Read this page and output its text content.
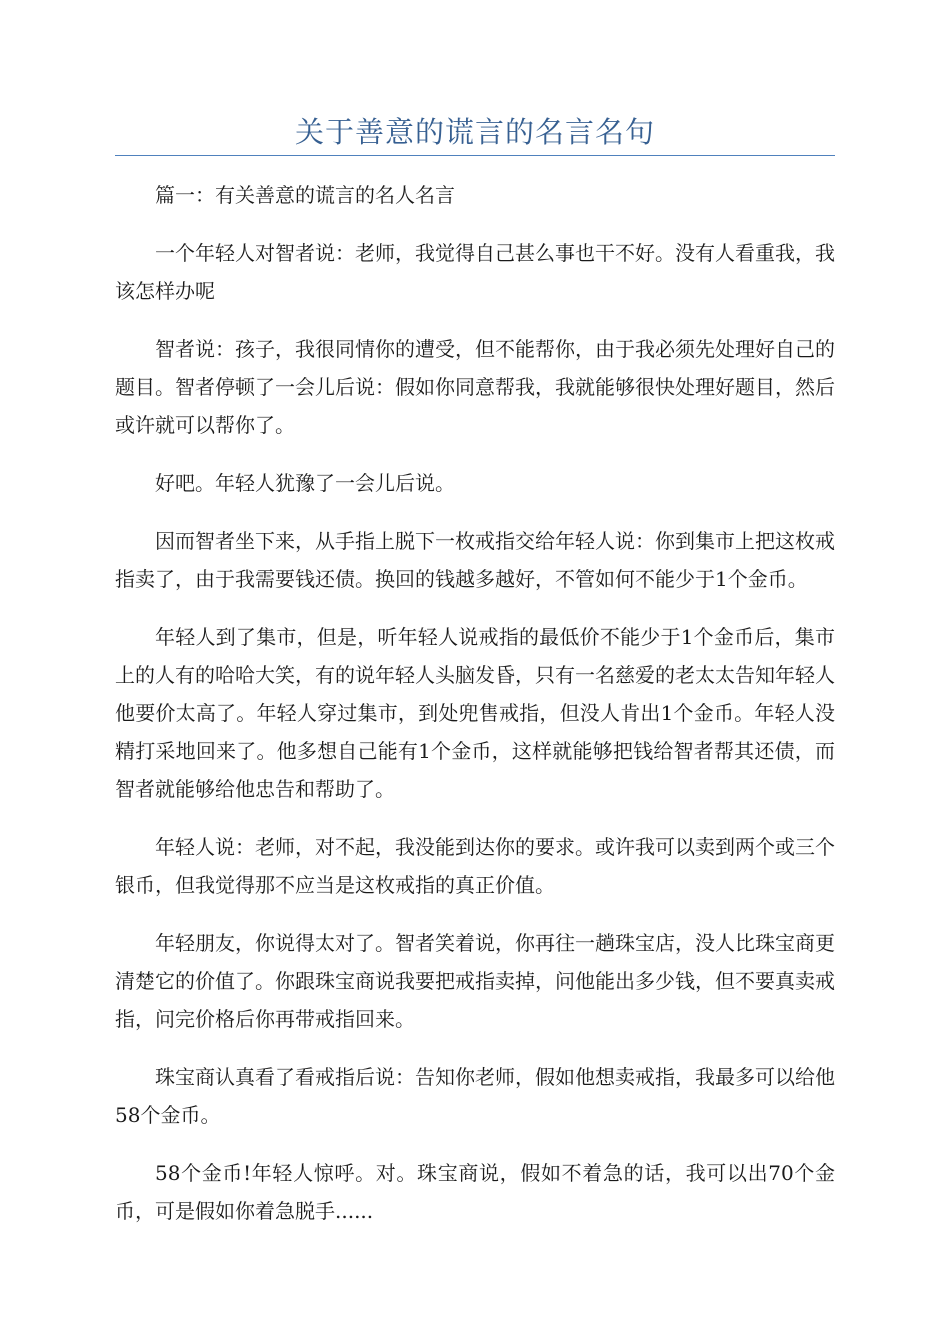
关于善意的谎言的名言名句

篇一：有关善意的谎言的名人名言

一个年轻人对智者说：老师，我觉得自己甚么事也干不好。没有人看重我，我该怎样办呢

智者说：孩子，我很同情你的遭受，但不能帮你，由于我必须先处理好自己的题目。智者停顿了一会儿后说：假如你同意帮我，我就能够很快处理好题目，然后或许就可以帮你了。

好吧。年轻人犹豫了一会儿后说。

因而智者坐下来，从手指上脱下一枚戒指交给年轻人说：你到集市上把这枚戒指卖了，由于我需要钱还债。换回的钱越多越好，不管如何不能少于1个金币。

年轻人到了集市，但是，听年轻人说戒指的最低价不能少于1个金币后，集市上的人有的哈哈大笑，有的说年轻人头脑发昏，只有一名慈爱的老太太告知年轻人他要价太高了。年轻人穿过集市，到处兜售戒指，但没人肯出1个金币。年轻人没精打采地回来了。他多想自己能有1个金币，这样就能够把钱给智者帮其还债，而智者就能够给他忠告和帮助了。

年轻人说：老师，对不起，我没能到达你的要求。或许我可以卖到两个或三个银币，但我觉得那不应当是这枚戒指的真正价值。

年轻朋友，你说得太对了。智者笑着说，你再往一趟珠宝店，没人比珠宝商更清楚它的价值了。你跟珠宝商说我要把戒指卖掉，问他能出多少钱，但不要真卖戒指，问完价格后你再带戒指回来。

珠宝商认真看了看戒指后说：告知你老师，假如他想卖戒指，我最多可以给他58个金币。

58个金币!年轻人惊呼。对。珠宝商说，假如不着急的话，我可以出70个金币，可是假如你着急脱手......
